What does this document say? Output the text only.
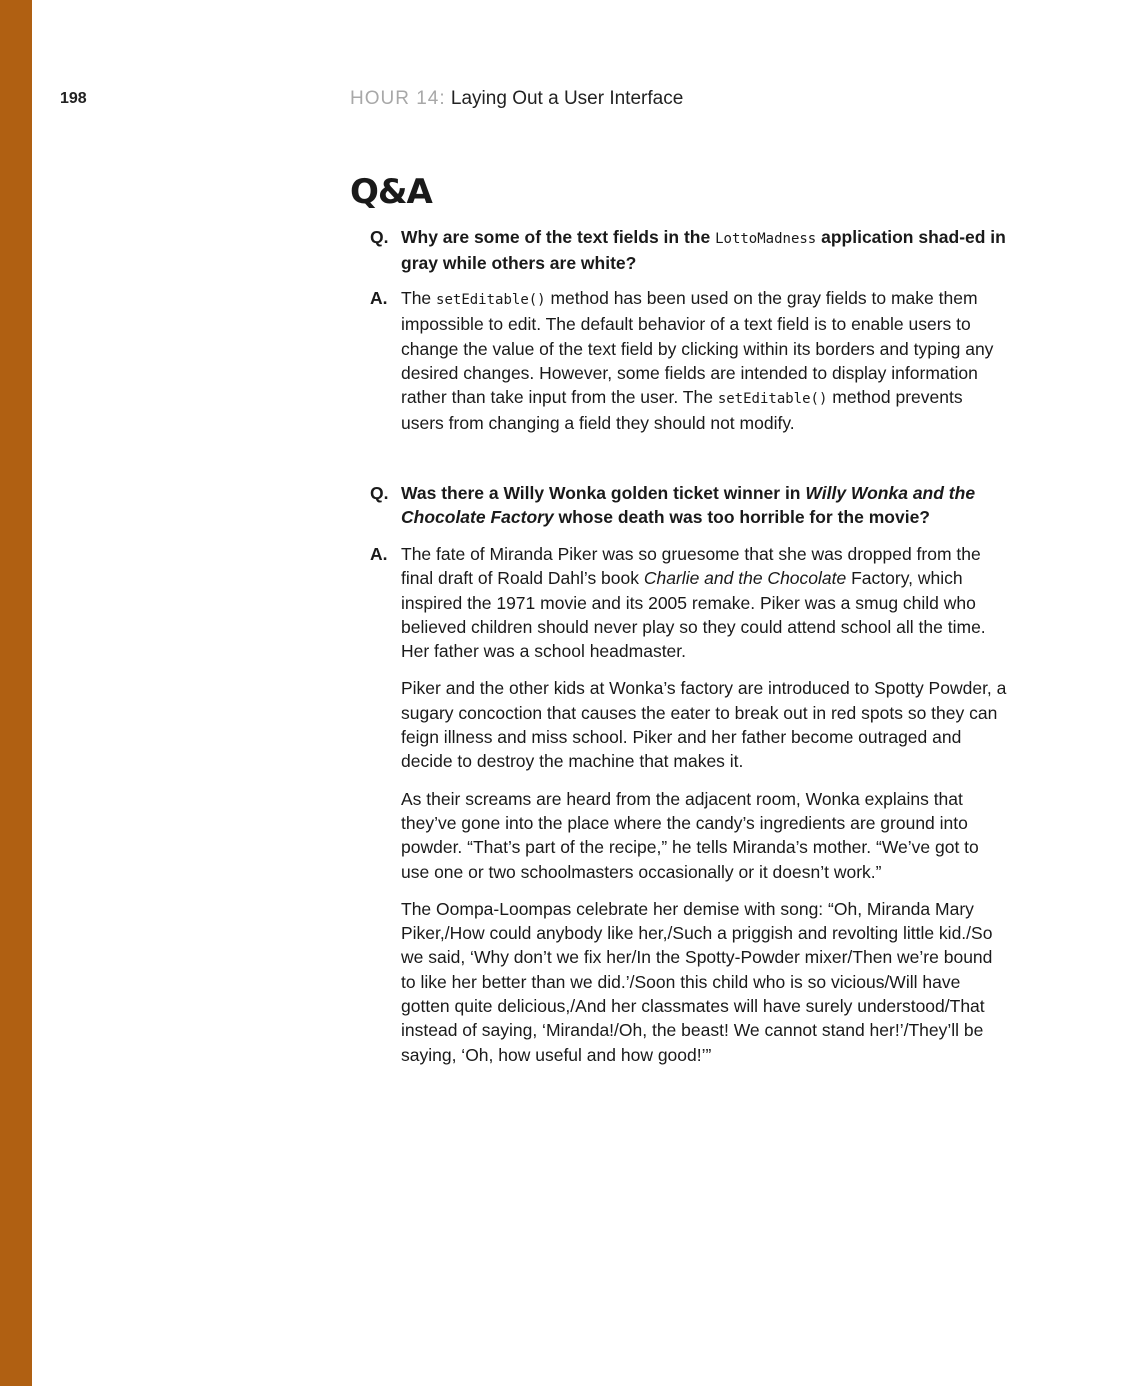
198	HOUR 14: Laying Out a User Interface
Q&A
Q. Why are some of the text fields in the LottoMadness application shad-ed in gray while others are white?
A. The setEditable() method has been used on the gray fields to make them impossible to edit. The default behavior of a text field is to enable users to change the value of the text field by clicking within its borders and typing any desired changes. However, some fields are intended to display information rather than take input from the user. The setEditable() method prevents users from changing a field they should not modify.
Q. Was there a Willy Wonka golden ticket winner in Willy Wonka and the Chocolate Factory whose death was too horrible for the movie?
A. The fate of Miranda Piker was so gruesome that she was dropped from the final draft of Roald Dahl’s book Charlie and the Chocolate Factory, which inspired the 1971 movie and its 2005 remake. Piker was a smug child who believed children should never play so they could attend school all the time. Her father was a school headmaster.

Piker and the other kids at Wonka’s factory are introduced to Spotty Powder, a sugary concoction that causes the eater to break out in red spots so they can feign illness and miss school. Piker and her father become outraged and decide to destroy the machine that makes it.

As their screams are heard from the adjacent room, Wonka explains that they’ve gone into the place where the candy’s ingredients are ground into powder. “That’s part of the recipe,” he tells Miranda’s mother. “We’ve got to use one or two schoolmasters occasionally or it doesn’t work.”

The Oompa-Loompas celebrate her demise with song: “Oh, Miranda Mary Piker,/How could anybody like her,/Such a priggish and revolting little kid./So we said, ‘Why don’t we fix her/In the Spotty-Powder mixer/Then we’re bound to like her better than we did.’/Soon this child who is so vicious/Will have gotten quite delicious,/And her classmates will have surely understood/That instead of saying, ‘Miranda!/Oh, the beast! We cannot stand her!’/They’ll be saying, ‘Oh, how useful and how good!’”
